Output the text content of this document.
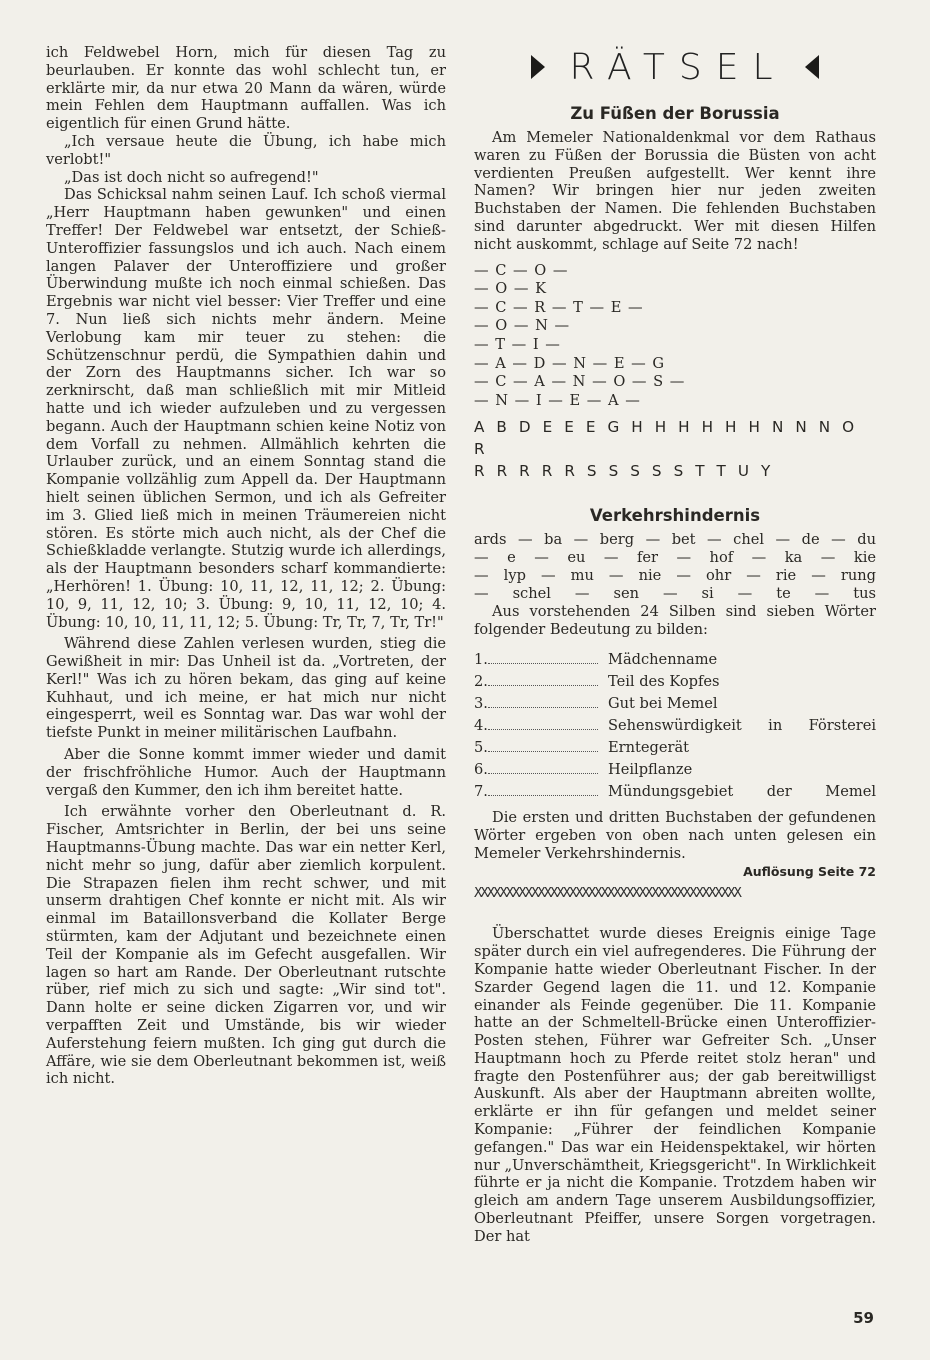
ich Feldwebel Horn, mich für diesen Tag zu beurlauben. Er konnte das wohl schlecht tun, er erklärte mir, da nur etwa 20 Mann da wären, würde mein Fehlen dem Hauptmann auffallen. Was ich eigentlich für einen Grund hätte.

„Ich versaue heute die Übung, ich habe mich verlobt!"

„Das ist doch nicht so aufregend!"

Das Schicksal nahm seinen Lauf. Ich schoß viermal „Herr Hauptmann haben gewunken" und einen Treffer! Der Feldwebel war entsetzt, der Schieß-Unteroffizier fassungslos und ich auch. Nach einem langen Palaver der Unteroffiziere und großer Überwindung mußte ich noch einmal schießen. Das Ergebnis war nicht viel besser: Vier Treffer und eine 7. Nun ließ sich nichts mehr ändern. Meine Verlobung kam mir teuer zu stehen: die Schützenschnur perdü, die Sympathien dahin und der Zorn des Hauptmanns sicher. Ich war so zerknirscht, daß man schließlich mit mir Mitleid hatte und ich wieder aufzuleben und zu vergessen begann. Auch der Hauptmann schien keine Notiz von dem Vorfall zu nehmen. Allmählich kehrten die Urlauber zurück, und an einem Sonntag stand die Kompanie vollzählig zum Appell da. Der Hauptmann hielt seinen üblichen Sermon, und ich als Gefreiter im 3. Glied ließ mich in meinen Träumereien nicht stören. Es störte mich auch nicht, als der Chef die Schießkladde verlangte. Stutzig wurde ich allerdings, als der Hauptmann besonders scharf kommandierte: „Herhören! 1. Übung: 10, 11, 12, 11, 12; 2. Übung: 10, 9, 11, 12, 10; 3. Übung: 9, 10, 11, 12, 10; 4. Übung: 10, 10, 11, 11, 12; 5. Übung: Tr, Tr, 7, Tr, Tr!"

Während diese Zahlen verlesen wurden, stieg die Gewißheit in mir: Das Unheil ist da. „Vortreten, der Kerl!" Was ich zu hören bekam, das ging auf keine Kuhhaut, und ich meine, er hat mich nur nicht eingesperrt, weil es Sonntag war. Das war wohl der tiefste Punkt in meiner militärischen Laufbahn.

Aber die Sonne kommt immer wieder und damit der frischfröhliche Humor. Auch der Hauptmann vergaß den Kummer, den ich ihm bereitet hatte.

Ich erwähnte vorher den Oberleutnant d. R. Fischer, Amtsrichter in Berlin, der bei uns seine Hauptmanns-Übung machte. Das war ein netter Kerl, nicht mehr so jung, dafür aber ziemlich korpulent. Die Strapazen fielen ihm recht schwer, und mit unserm drahtigen Chef konnte er nicht mit. Als wir einmal im Bataillonsverband die Kollater Berge stürmten, kam der Adjutant und bezeichnete einen Teil der Kompanie als im Gefecht ausgefallen. Wir lagen so hart am Rande. Der Oberleutnant rutschte rüber, rief mich zu sich und sagte: „Wir sind tot". Dann holte er seine dicken Zigarren vor, und wir verpafften Zeit und Umstände, bis wir wieder Auferstehung feiern mußten. Ich ging gut durch die Affäre, wie sie dem Oberleutnant bekommen ist, weiß ich nicht.

RÄTSEL
Zu Füßen der Borussia

Am Memeler Nationaldenkmal vor dem Rathaus waren zu Füßen der Borussia die Büsten von acht verdienten Preußen aufgestellt. Wer kennt ihre Namen? Wir bringen hier nur jeden zweiten Buchstaben der Namen. Die fehlenden Buchstaben sind darunter abgedruckt. Wer mit diesen Hilfen nicht auskommt, schlage auf Seite 72 nach!

— C — O —
— O — K
— C — R — T — E —
— O — N —
— T — I —
— A — D — N — E — G
— C — A — N — O — S —
— N — I — E — A —
A B D E E E G H H H H H H N N N O R
R R R R R S S S S S T T U Y
Verkehrshindernis
ards — ba — berg — bet — chel — de — du
— e — eu — fer — hof — ka — kie
— lyp — mu — nie — ohr — rie — rung
— schel — sen — si — te — tus

Aus vorstehenden 24 Silben sind sieben Wörter folgender Bedeutung zu bilden:

1.	Mädchenname
2.	Teil des Kopfes
3.	Gut bei Memel
4.	Sehenswürdigkeit in Försterei
5.	Erntegerät
6.	Heilpflanze
7.	Mündungsgebiet der Memel

Die ersten und dritten Buchstaben der gefundenen Wörter ergeben von oben nach unten gelesen ein Memeler Verkehrshindernis.

Auflösung Seite 72
XXXXXXXXXXXXXXXXXXXXXXXXXXXXXXXXXXXXXXXXXX

Überschattet wurde dieses Ereignis einige Tage später durch ein viel aufregenderes. Die Führung der Kompanie hatte wieder Oberleutnant Fischer. In der Szarder Gegend lagen die 11. und 12. Kompanie einander als Feinde gegenüber. Die 11. Kompanie hatte an der Schmeltell-Brücke einen Unteroffizier-Posten stehen, Führer war Gefreiter Sch. „Unser Hauptmann hoch zu Pferde reitet stolz heran" und fragte den Postenführer aus; der gab bereitwilligst Auskunft. Als aber der Hauptmann abreiten wollte, erklärte er ihn für gefangen und meldet seiner Kompanie: „Führer der feindlichen Kompanie gefangen." Das war ein Heidenspektakel, wir hörten nur „Unverschämtheit, Kriegsgericht". In Wirklichkeit führte er ja nicht die Kompanie. Trotzdem haben wir gleich am andern Tage unserem Ausbildungsoffizier, Oberleutnant Pfeiffer, unsere Sorgen vorgetragen. Der hat

59
